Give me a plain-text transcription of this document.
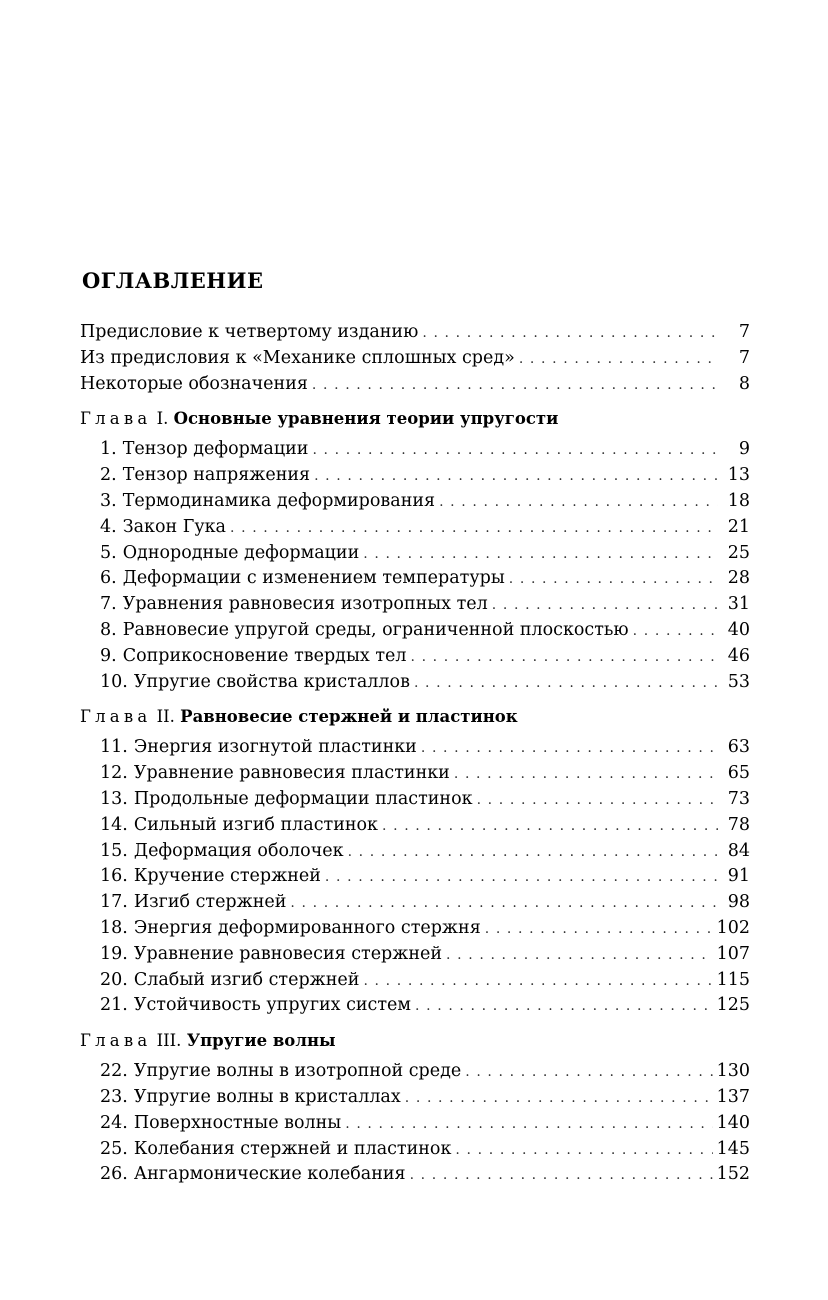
ОГЛАВЛЕНИЕ
Предисловие к четвертому изданию . . .	7
Из предисловия к «Механике сплошных сред» . . .	7
Некоторые обозначения . . .	8
Глава I. Основные уравнения теории упругости
1. Тензор деформации . . .	9
2. Тензор напряжения . . .	13
3. Термодинамика деформирования . . .	18
4. Закон Гука . . .	21
5. Однородные деформации . . .	25
6. Деформации с изменением температуры . . .	28
7. Уравнения равновесия изотропных тел . . .	31
8. Равновесие упругой среды, ограниченной плоскостью . . .	40
9. Соприкосновение твердых тел . . .	46
10. Упругие свойства кристаллов . . .	53
Глава II. Равновесие стержней и пластинок
11. Энергия изогнутой пластинки . . .	63
12. Уравнение равновесия пластинки . . .	65
13. Продольные деформации пластинок . . .	73
14. Сильный изгиб пластинок . . .	78
15. Деформация оболочек . . .	84
16. Кручение стержней . . .	91
17. Изгиб стержней . . .	98
18. Энергия деформированного стержня . . .	102
19. Уравнение равновесия стержней . . .	107
20. Слабый изгиб стержней . . .	115
21. Устойчивость упругих систем . . .	125
Глава III. Упругие волны
22. Упругие волны в изотропной среде . . .	130
23. Упругие волны в кристаллах . . .	137
24. Поверхностные волны . . .	140
25. Колебания стержней и пластинок . . .	145
26. Ангармонические колебания . . .	152
